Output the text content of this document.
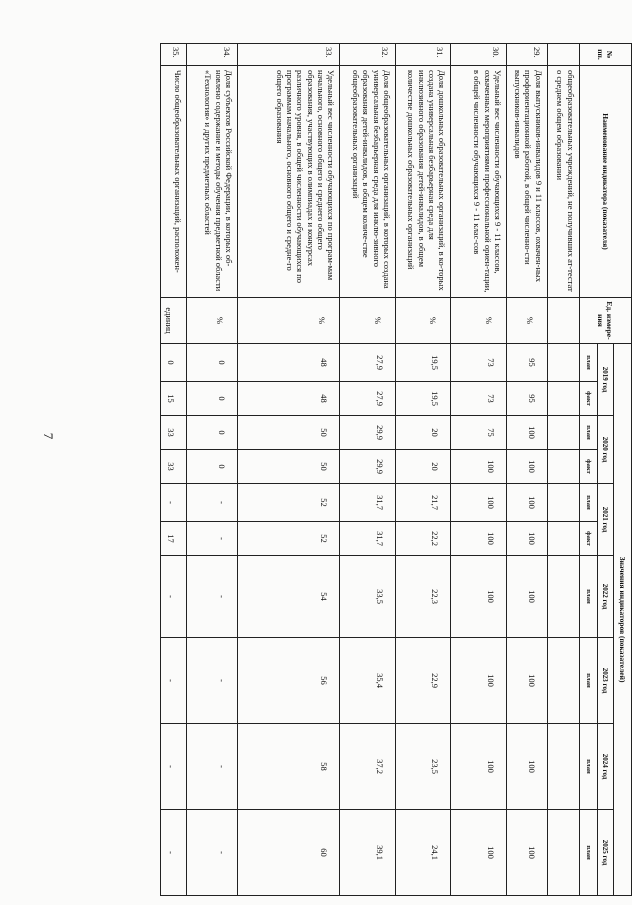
7
№ пп.	Наименование индикатора (показателя)	Ед. измере-ния	Значения индикаторов (показателей)									
			2019 год		2020 год		2021 год		2022 год	2023 год	2024 год	2025 год
			план	факт	план	факт	план	факт	план	план	план	план
	общеобразовательных учреждений, не получивших ат-тестат о среднем общем образовании											
29.	Доля выпускников-инвалидов 9 и 11 классов, охвачен-ных профориентационной работой, в общей численно-сти выпускников-инвалидов	%	95	95	100	100	100	100	100	100	100	100
30.	Удельный вес численности обучающихся 9 - 11 классов, охваченных мероприятиями профессиональной ориен-тации, в общей численности обучающихся 9 - 11 клас-сов	%	73	73	75	100	100	100	100	100	100	100
31.	Доля дошкольных образовательных организаций, в ко-торых создана универсальная безбарьерная среда для инклюзивного образования детей-инвалидов, в общем количестве дошкольных образовательных организаций	%	19,5	19,5	20	20	21,7	22,2	22,3	22,9	23,5	24,1
32.	Доля общеобразовательных организаций, в которых создана универсальная безбарьерная среда для инклю-зивного образования детей-инвалидов, в общем количе-стве общеобразовательных организаций	%	27,9	27,9	29,9	29,9	31,7	31,7	33,5	35,4	37,2	39,1
33.	Удельный вес численности обучающихся по програм-мам начального, основного общего и среднего общего образования, участвующих в олимпиадах и конкурсах различного уровня, в общей численности обучающихся по программам начального, основного общего и средне-го общего образования	%	48	48	50	50	52	52	54	56	58	60
34.	Доля субъектов Российской Федерации, в которых об-новлено содержание и методы обучения предметной области «Технология» и других предметных областей	%	0	0	0	0	-	-	-	-	-	-
35.	Число общеобразовательных организаций, расположен-	единиц	0	15	33	33	-	17	-	-	-	-
